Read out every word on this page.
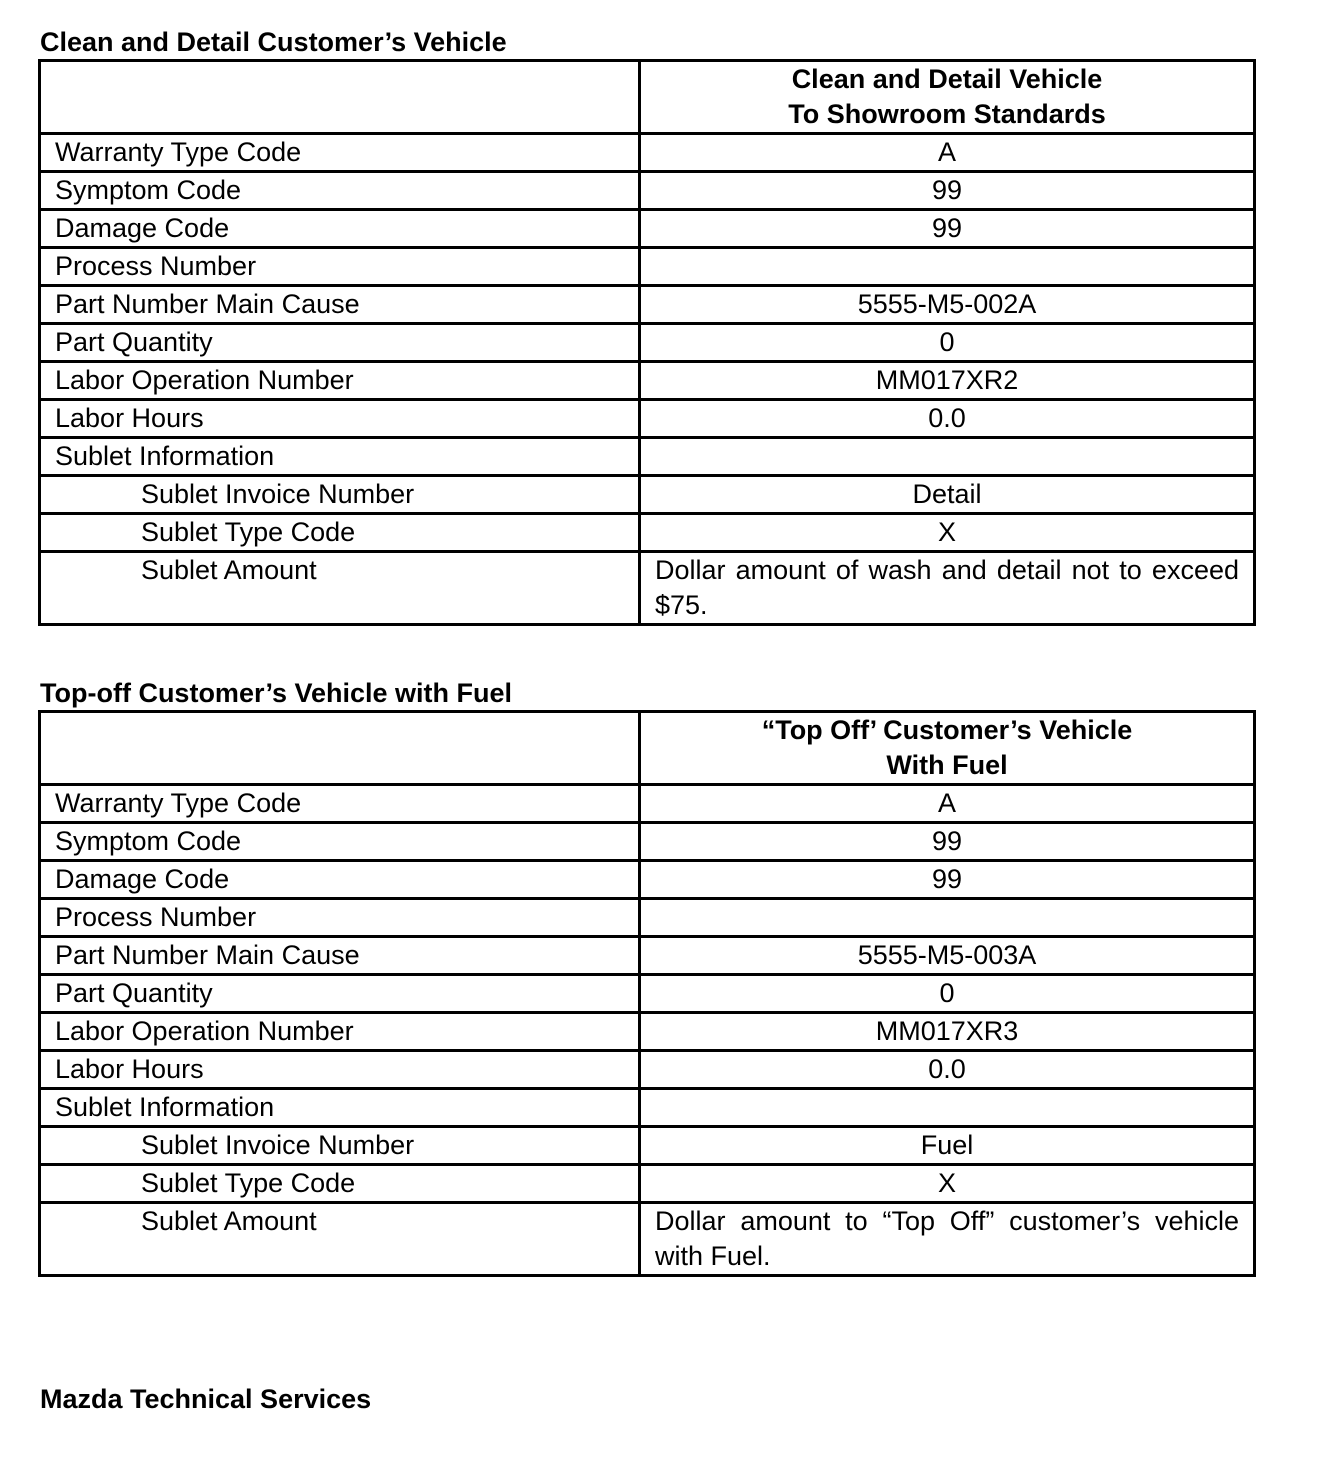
Clean and Detail Customer’s Vehicle

	Clean and Detail Vehicle
To Showroom Standards

Warranty Type Code	A
Symptom Code	99
Damage Code	99
Process Number	
Part Number Main Cause	5555-M5-002A
Part Quantity	0
Labor Operation Number	MM017XR2
Labor Hours	0.0
Sublet Information	
Sublet Invoice Number	Detail
Sublet Type Code	X
Sublet Amount	Dollar amount of wash and detail not to exceed $75.
Top-off Customer’s Vehicle with Fuel

	“Top Off’ Customer’s Vehicle
With Fuel

Warranty Type Code	A
Symptom Code	99
Damage Code	99
Process Number	
Part Number Main Cause	5555-M5-003A
Part Quantity	0
Labor Operation Number	MM017XR3
Labor Hours	0.0
Sublet Information	
Sublet Invoice Number	Fuel
Sublet Type Code	X
Sublet Amount	Dollar amount to “Top Off” customer’s vehicle with Fuel.

Mazda Technical Services
